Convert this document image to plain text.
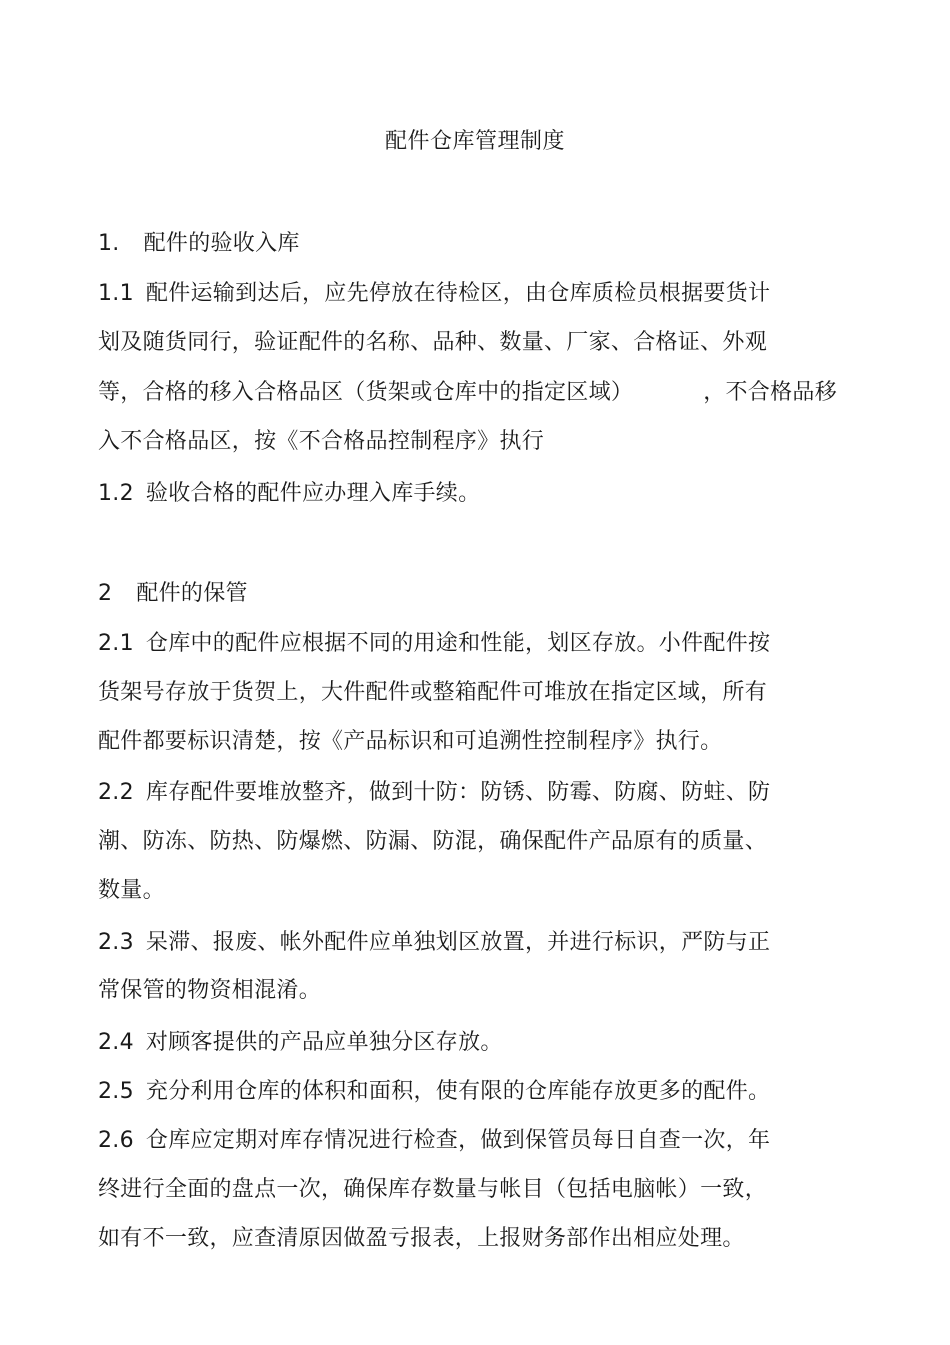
配件仓库管理制度
1. 配件的验收入库
1.1 配件运输到达后，应先停放在待检区，由仓库质检员根据要货计
划及随货同行，验证配件的名称、品种、数量、厂家、合格证、外观
等，合格的移入合格品区（货架或仓库中的指定区域）	，不合格品移
入不合格品区，按《不合格品控制程序》执行
1.2 验收合格的配件应办理入库手续。
2 配件的保管
2.1 仓库中的配件应根据不同的用途和性能，划区存放。小件配件按
货架号存放于货贺上，大件配件或整箱配件可堆放在指定区域，所有
配件都要标识清楚，按《产品标识和可追溯性控制程序》执行。
2.2 库存配件要堆放整齐，做到十防：防锈、防霉、防腐、防蛀、防
潮、防冻、防热、防爆燃、防漏、防混，确保配件产品原有的质量、
数量。
2.3 呆滞、报废、帐外配件应单独划区放置，并进行标识，严防与正
常保管的物资相混淆。
2.4 对顾客提供的产品应单独分区存放。
2.5 充分利用仓库的体积和面积，使有限的仓库能存放更多的配件。
2.6 仓库应定期对库存情况进行检查，做到保管员每日自查一次，年
终进行全面的盘点一次，确保库存数量与帐目（包括电脑帐）一致，
如有不一致，应查清原因做盈亏报表，上报财务部作出相应处理。
